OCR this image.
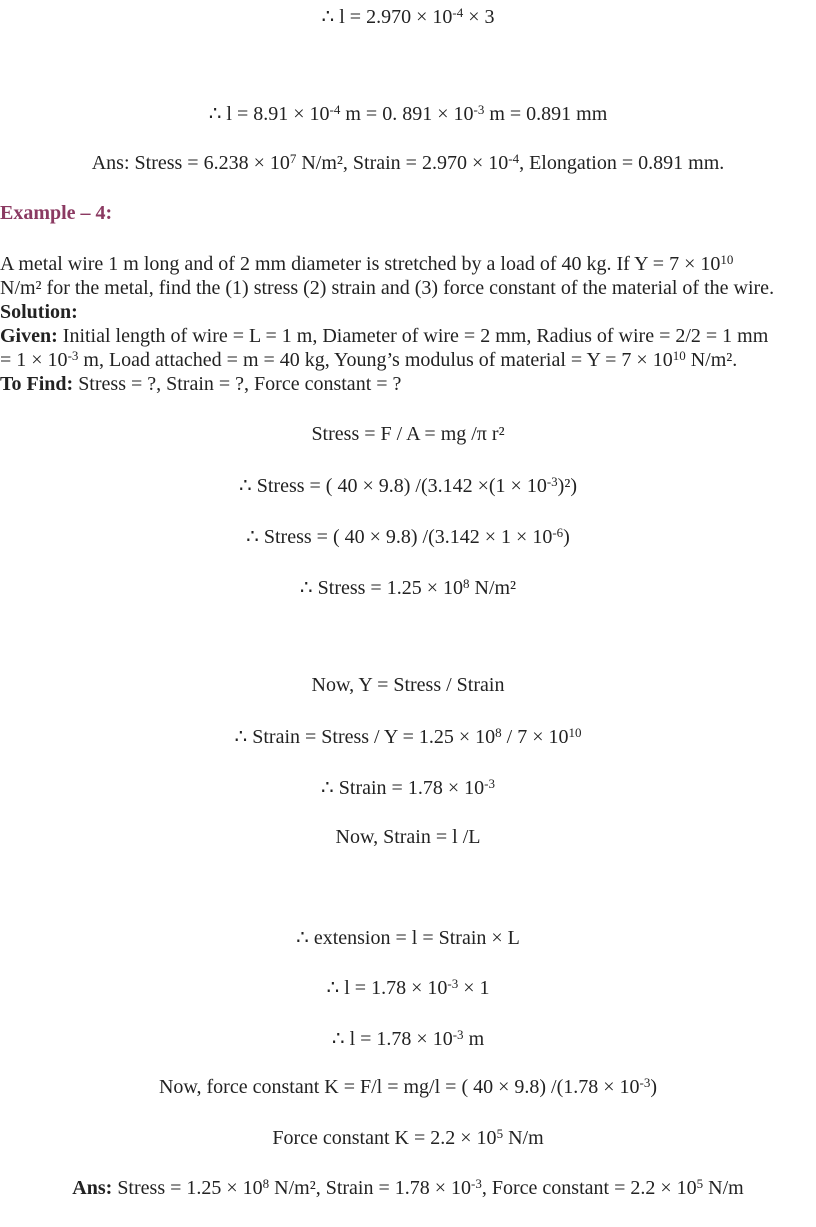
∴ $l = 2.970 \times 10^{-4} \times 3$
∴ $l = 8.91 \times 10^{-4}$ m = 0. $891 \times 10^{-3}$ m = 0.891 mm
Ans: Stress = $6.238 \times 10^7$ N/m², Strain = $2.970 \times 10^{-4}$, Elongation = 0.891 mm.
Example – 4:
A metal wire 1 m long and of 2 mm diameter is stretched by a load of 40 kg. If $Y = 7 \times 10^{10}$
N/m² for the metal, find the (1) stress (2) strain and (3) force constant of the material of the wire.
Solution:
Given: Initial length of wire = L = 1 m, Diameter of wire = 2 mm, Radius of wire = 2/2 = 1 mm
= $1 \times 10^{-3}$ m, Load attached = m = 40 kg, Young’s modulus of material = $Y = 7 \times 10^{10}$ N/m².
To Find: Stress = ?, Strain = ?, Force constant = ?
Stress = F / A = mg /π r²
∴ Stress = ( 40 × 9.8) $/(3.142 \times(1 \times 10^{-3})^2)$
∴ Stress = ( 40 × 9.8) $/(3.142 \times 1 \times 10^{-6})$
∴ Stress = $1.25 \times 10^8$ N/m²
Now, Y = Stress / Strain
∴ Strain = Stress / $Y = 1.25 \times 10^8 / 7 \times 10^{10}$
∴ Strain = $1.78 \times 10^{-3}$
Now, Strain = l /L
∴ extension = l = Strain × L
∴ $l = 1.78 \times 10^{-3} \times 1$
∴ $l = 1.78 \times 10^{-3}$ m
Now, force constant K = F/l = mg/l = ( 40 × 9.8) $/(1.78 \times 10^{-3})$
Force constant $K = 2.2 \times 10^5$ N/m
Ans: Stress = $1.25 \times 10^8$ N/m², Strain = $1.78 \times 10^{-3}$, Force constant = $2.2 \times 10^5$ N/m
